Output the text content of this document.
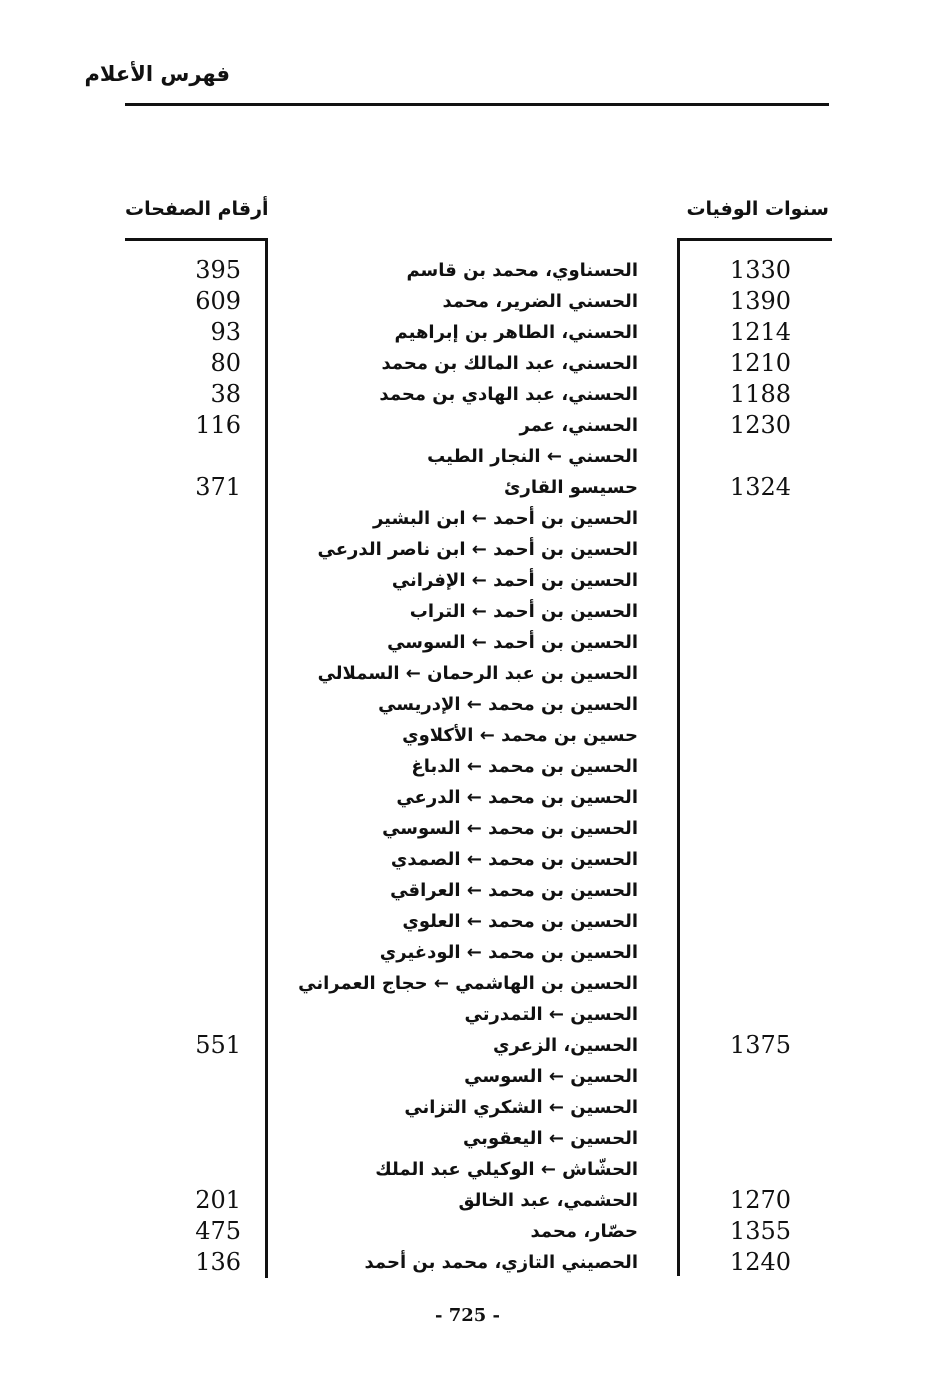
فهرس الأعلام
سنوات الوفيات
أرقام الصفحات
1330
الحسناوي، محمد بن قاسم
395
1390
الحسني الضرير، محمد
609
1214
الحسني، الطاهر بن إبراهيم
93
1210
الحسني، عبد المالك بن محمد
80
1188
الحسني، عبد الهادي بن محمد
38
1230
الحسني، عمر
116
الحسني ← النجار الطيب
1324
حسيسو القارئ
371
الحسين بن أحمد ← ابن البشير
الحسين بن أحمد ← ابن ناصر الدرعي
الحسين بن أحمد ← الإفراني
الحسين بن أحمد ← التراب
الحسين بن أحمد ← السوسي
الحسين بن عبد الرحمان ← السملالي
الحسين بن محمد ← الإدريسي
حسين بن محمد ← الأكلاوي
الحسين بن محمد ← الدباغ
الحسين بن محمد ← الدرعي
الحسين بن محمد ← السوسي
الحسين بن محمد ← الصمدي
الحسين بن محمد ← العراقي
الحسين بن محمد ← العلوي
الحسين بن محمد ← الودغيري
الحسين بن الهاشمي ← حجاج العمراني
الحسين ← التمدرتي
1375
الحسين، الزعري
551
الحسين ← السوسي
الحسين ← الشكري التزاني
الحسين ← اليعقوبي
الحشّاش ← الوكيلي عبد الملك
1270
الحشمي، عبد الخالق
201
1355
حصّار، محمد
475
1240
الحصيني التازي، محمد بن أحمد
136
- 725 -
